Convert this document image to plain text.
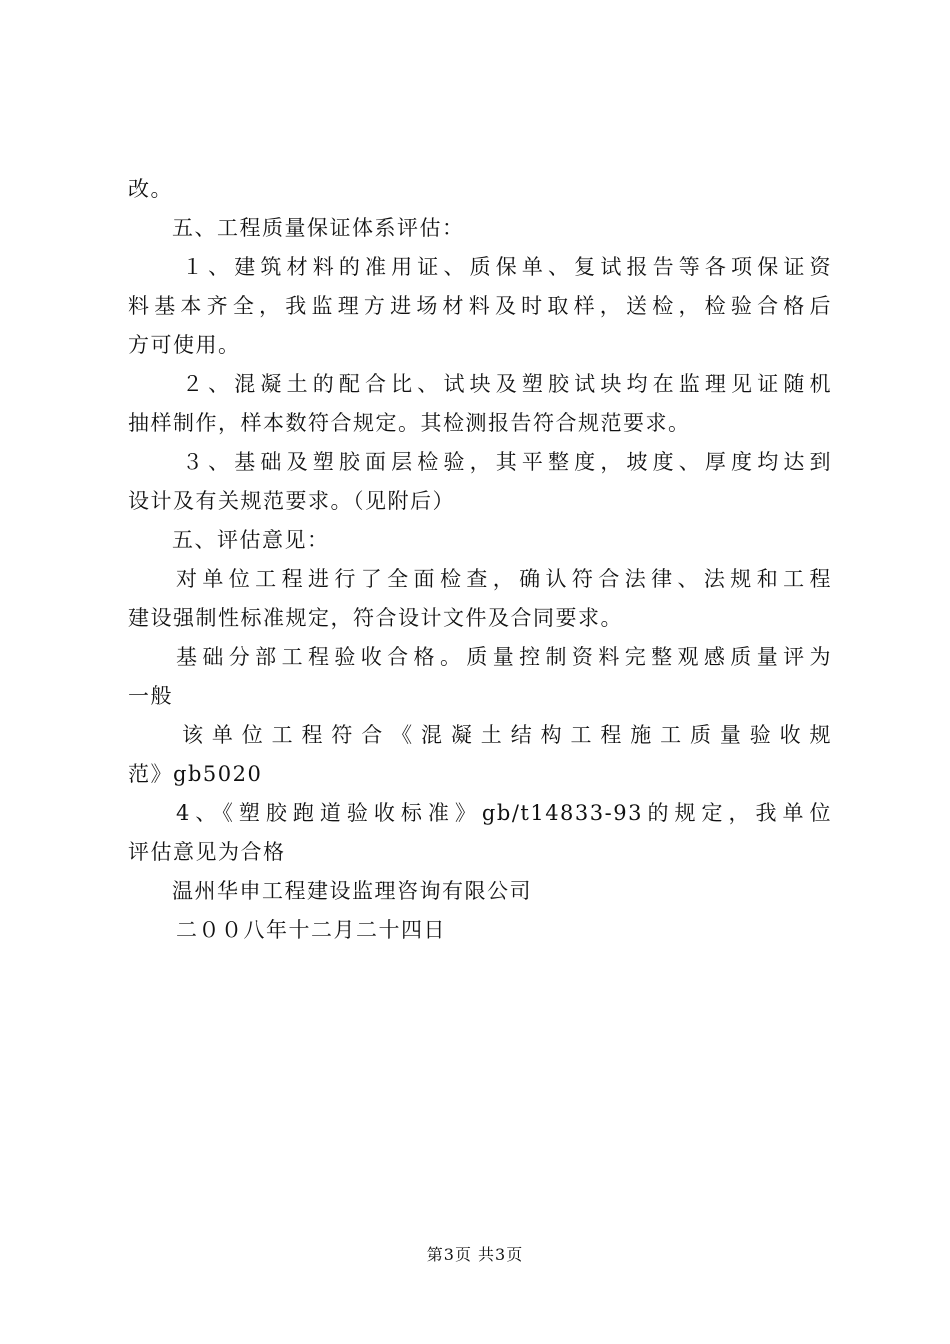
改。
五、工程质量保证体系评估：
１、建筑材料的准用证、质保单、复试报告等各项保证资
料基本齐全，我监理方进场材料及时取样，送检，检验合格后
方可使用。
２、混凝土的配合比、试块及塑胶试块均在监理见证随机
抽样制作，样本数符合规定。其检测报告符合规范要求。
３、基础及塑胶面层检验，其平整度，坡度、厚度均达到
设计及有关规范要求。（见附后）
五、评估意见：
对单位工程进行了全面检查，确认符合法律、法规和工程
建设强制性标准规定，符合设计文件及合同要求。
基础分部工程验收合格。质量控制资料完整观感质量评为
一般
该单位工程符合《混凝土结构工程施工质量验收规
范》gb5020
4、《塑胶跑道验收标准》gb/t14833-93的规定，我单位
评估意见为合格
温州华申工程建设监理咨询有限公司
二００八年十二月二十四日
第3页 共3页
